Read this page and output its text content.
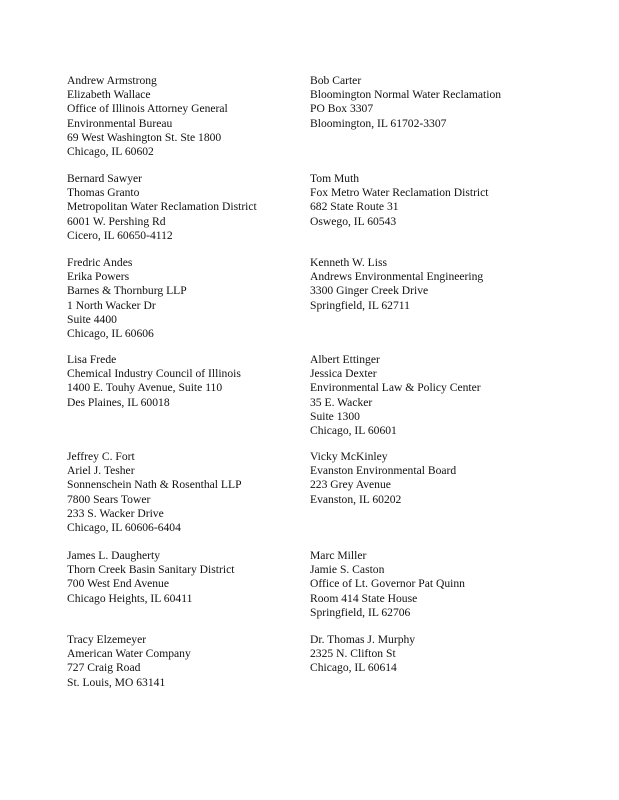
Andrew Armstrong
Elizabeth Wallace
Office of Illinois Attorney General
Environmental Bureau
69 West Washington St. Ste 1800
Chicago, IL 60602
Bernard Sawyer
Thomas Granto
Metropolitan Water Reclamation District
6001 W. Pershing Rd
Cicero, IL 60650-4112
Fredric Andes
Erika Powers
Barnes & Thornburg LLP
1 North Wacker Dr
Suite 4400
Chicago, IL 60606
Lisa Frede
Chemical Industry Council of Illinois
1400 E. Touhy Avenue, Suite 110
Des Plaines, IL 60018
Jeffrey C. Fort
Ariel J. Tesher
Sonnenschein Nath & Rosenthal LLP
7800 Sears Tower
233 S. Wacker Drive
Chicago, IL 60606-6404
James L. Daugherty
Thorn Creek Basin Sanitary District
700 West End Avenue
Chicago Heights, IL 60411
Tracy Elzemeyer
American Water Company
727 Craig Road
St. Louis, MO 63141
Bob Carter
Bloomington Normal Water Reclamation
PO Box 3307
Bloomington, IL 61702-3307
Tom Muth
Fox Metro Water Reclamation District
682 State Route 31
Oswego, IL 60543
Kenneth W. Liss
Andrews Environmental Engineering
3300 Ginger Creek Drive
Springfield, IL 62711
Albert Ettinger
Jessica Dexter
Environmental Law & Policy Center
35 E. Wacker
Suite 1300
Chicago, IL 60601
Vicky McKinley
Evanston Environmental Board
223 Grey Avenue
Evanston, IL 60202
Marc Miller
Jamie S. Caston
Office of Lt. Governor Pat Quinn
Room 414 State House
Springfield, IL 62706
Dr. Thomas J. Murphy
2325 N. Clifton St
Chicago, IL 60614
